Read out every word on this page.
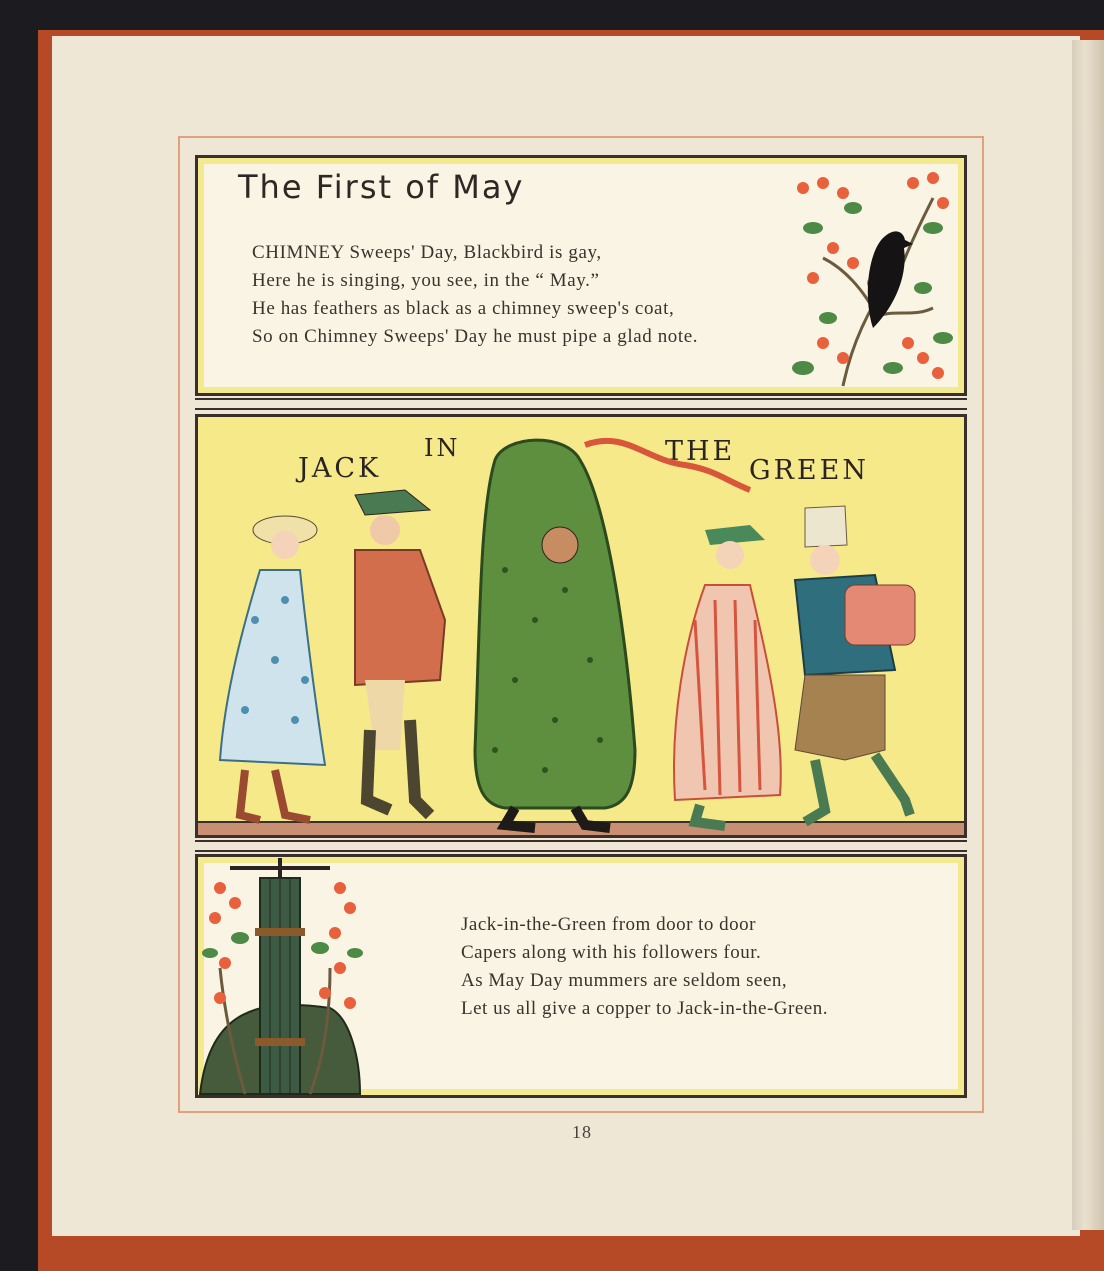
The First of May
CHIMNEY Sweeps' Day, Blackbird is gay,
Here he is singing, you see, in the “ May.”
He has feathers as black as a chimney sweep's coat,
So on Chimney Sweeps' Day he must pipe a glad note.
JACK
IN	THE
GREEN
Jack-in-the-Green from door to door
Capers along with his followers four.
As May Day mummers are seldom seen,
Let us all give a copper to Jack-in-the-Green.
18
